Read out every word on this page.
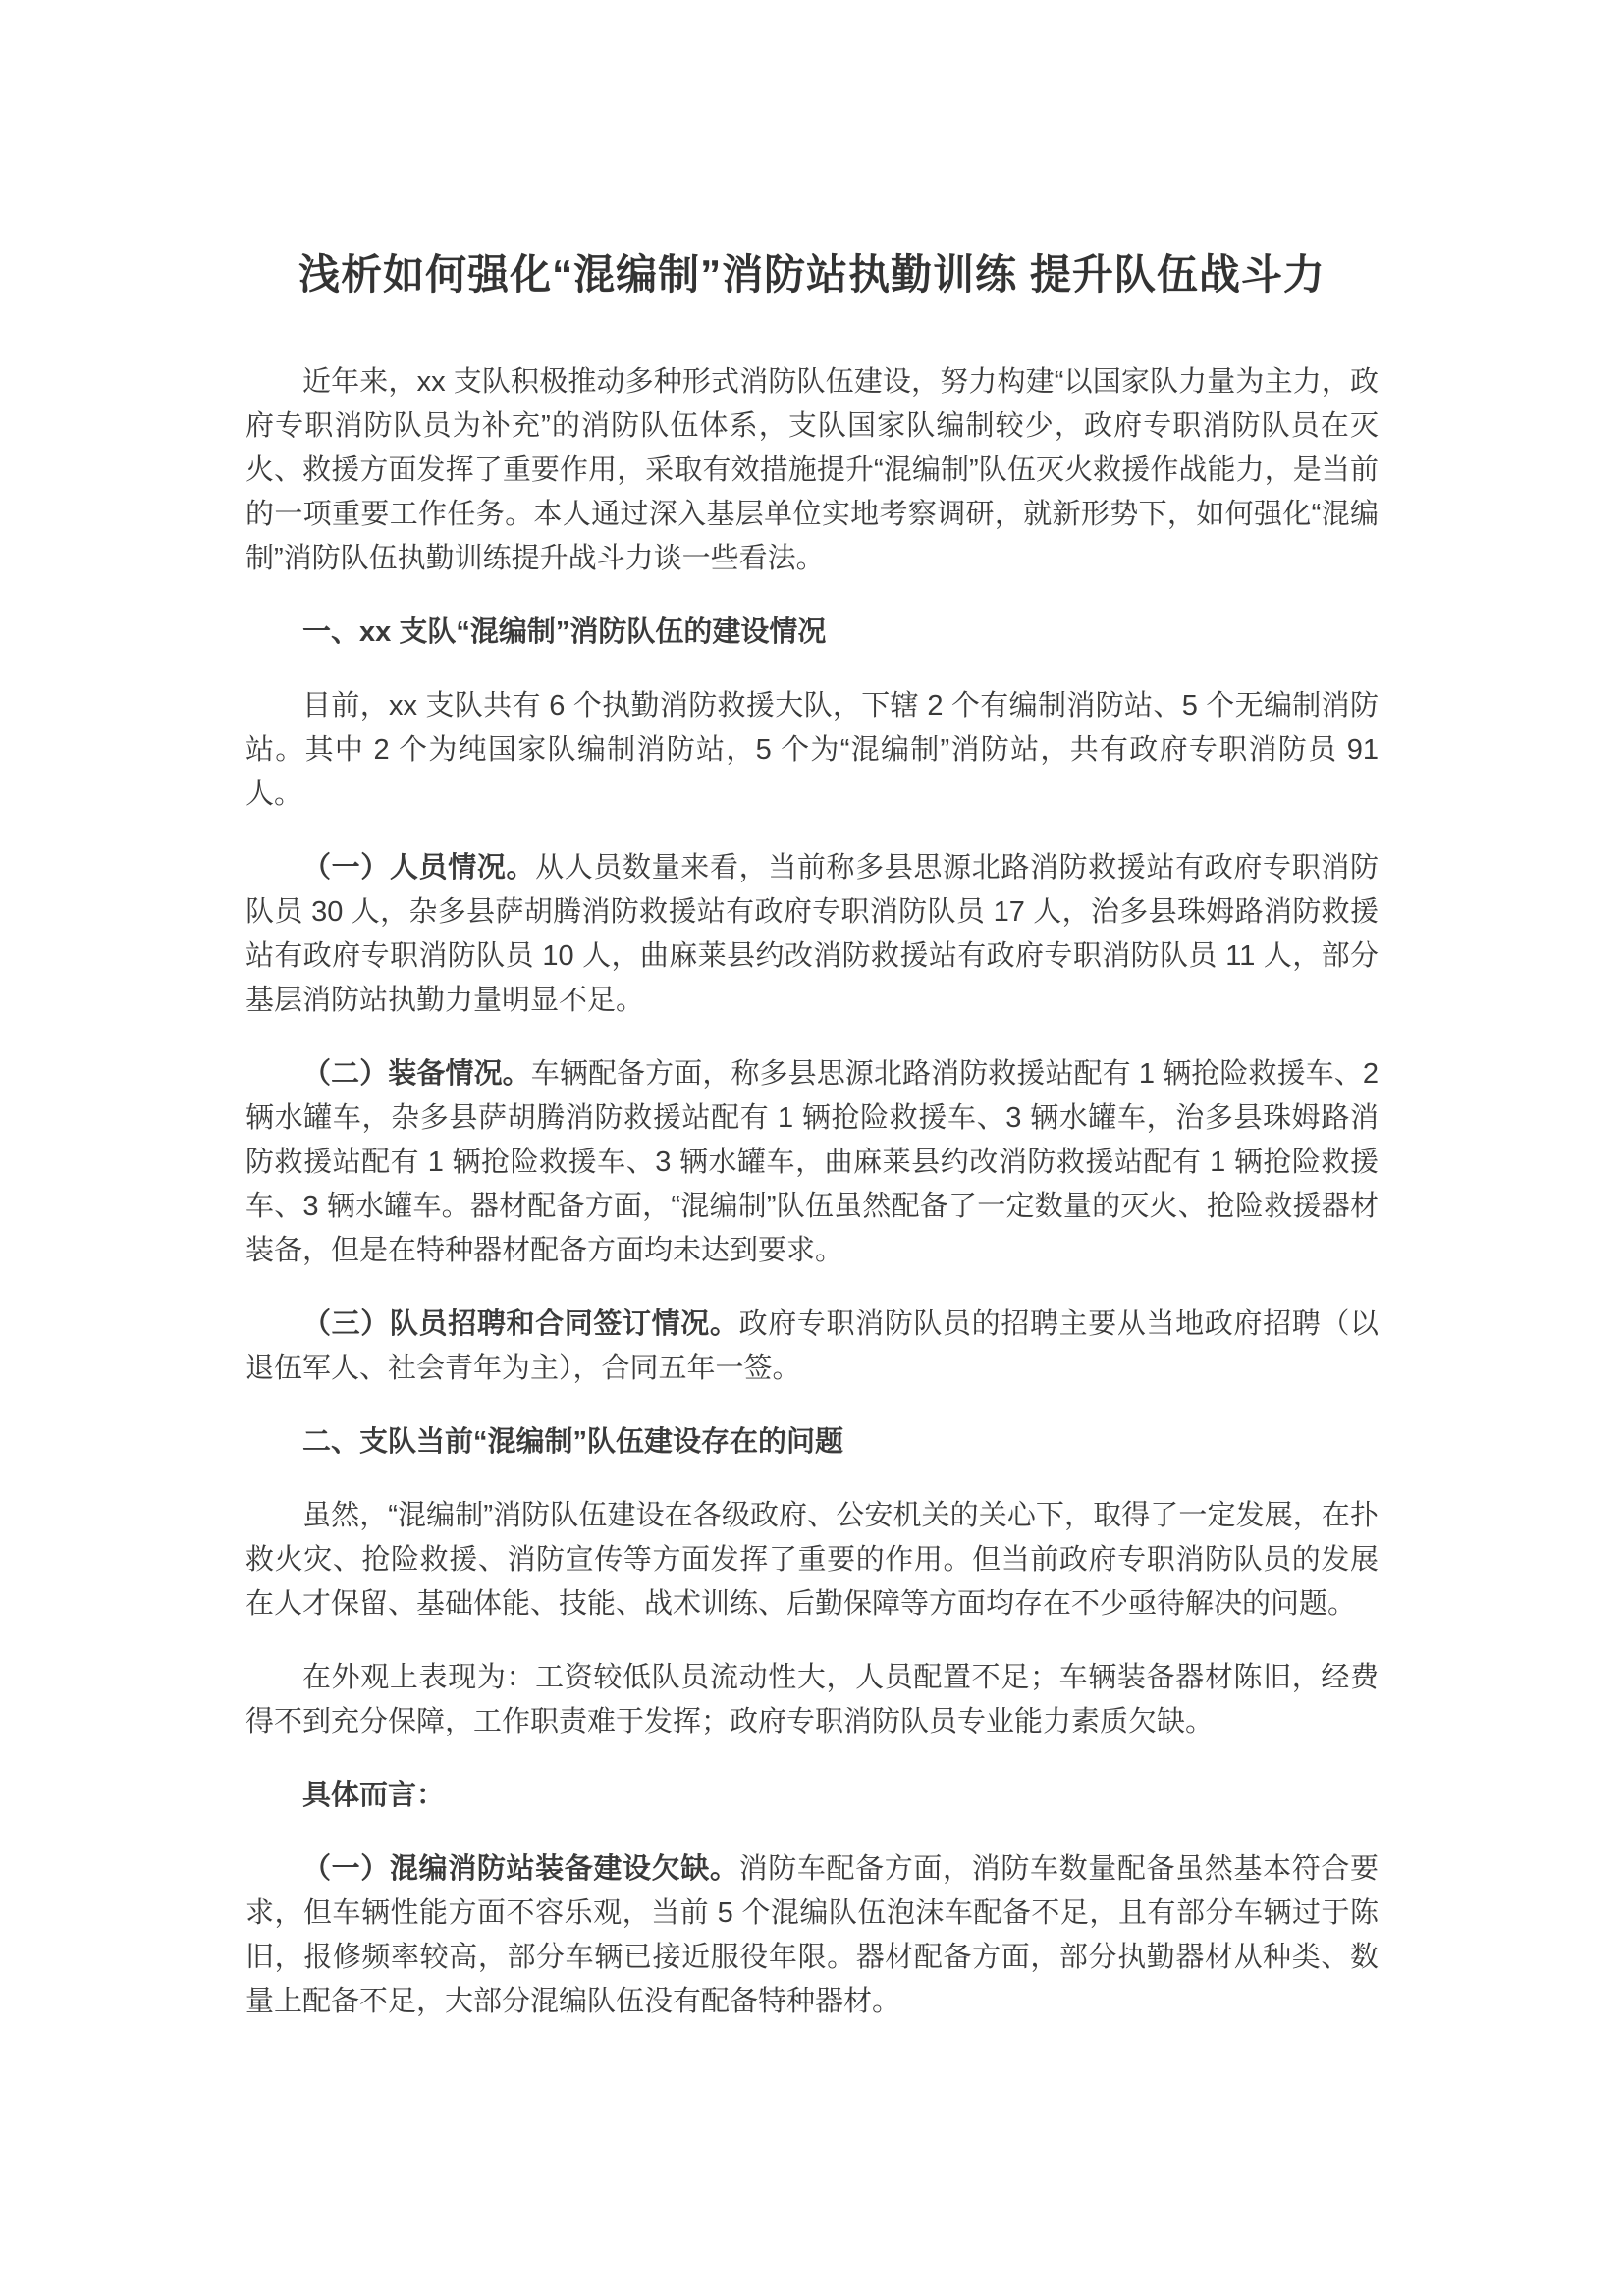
浅析如何强化“混编制”消防站执勤训练 提升队伍战斗力

近年来，xx 支队积极推动多种形式消防队伍建设，努力构建“以国家队力量为主力，政府专职消防队员为补充”的消防队伍体系，支队国家队编制较少，政府专职消防队员在灭火、救援方面发挥了重要作用，采取有效措施提升“混编制”队伍灭火救援作战能力，是当前的一项重要工作任务。本人通过深入基层单位实地考察调研，就新形势下，如何强化“混编制”消防队伍执勤训练提升战斗力谈一些看法。

一、xx 支队“混编制”消防队伍的建设情况

目前，xx 支队共有 6 个执勤消防救援大队，下辖 2 个有编制消防站、5 个无编制消防站。其中 2 个为纯国家队编制消防站，5 个为“混编制”消防站，共有政府专职消防员 91 人。

（一）人员情况。从人员数量来看，当前称多县思源北路消防救援站有政府专职消防队员 30 人，杂多县萨胡腾消防救援站有政府专职消防队员 17 人，治多县珠姆路消防救援站有政府专职消防队员 10 人，曲麻莱县约改消防救援站有政府专职消防队员 11 人，部分基层消防站执勤力量明显不足。

（二）装备情况。车辆配备方面，称多县思源北路消防救援站配有 1 辆抢险救援车、2 辆水罐车，杂多县萨胡腾消防救援站配有 1 辆抢险救援车、3 辆水罐车，治多县珠姆路消防救援站配有 1 辆抢险救援车、3 辆水罐车，曲麻莱县约改消防救援站配有 1 辆抢险救援车、3 辆水罐车。器材配备方面，“混编制”队伍虽然配备了一定数量的灭火、抢险救援器材装备，但是在特种器材配备方面均未达到要求。

（三）队员招聘和合同签订情况。政府专职消防队员的招聘主要从当地政府招聘（以退伍军人、社会青年为主），合同五年一签。

二、支队当前“混编制”队伍建设存在的问题

虽然，“混编制”消防队伍建设在各级政府、公安机关的关心下，取得了一定发展，在扑救火灾、抢险救援、消防宣传等方面发挥了重要的作用。但当前政府专职消防队员的发展在人才保留、基础体能、技能、战术训练、后勤保障等方面均存在不少亟待解决的问题。

在外观上表现为：工资较低队员流动性大，人员配置不足；车辆装备器材陈旧，经费得不到充分保障，工作职责难于发挥；政府专职消防队员专业能力素质欠缺。

具体而言：

（一）混编消防站装备建设欠缺。消防车配备方面，消防车数量配备虽然基本符合要求，但车辆性能方面不容乐观，当前 5 个混编队伍泡沫车配备不足，且有部分车辆过于陈旧，报修频率较高，部分车辆已接近服役年限。器材配备方面，部分执勤器材从种类、数量上配备不足，大部分混编队伍没有配备特种器材。
